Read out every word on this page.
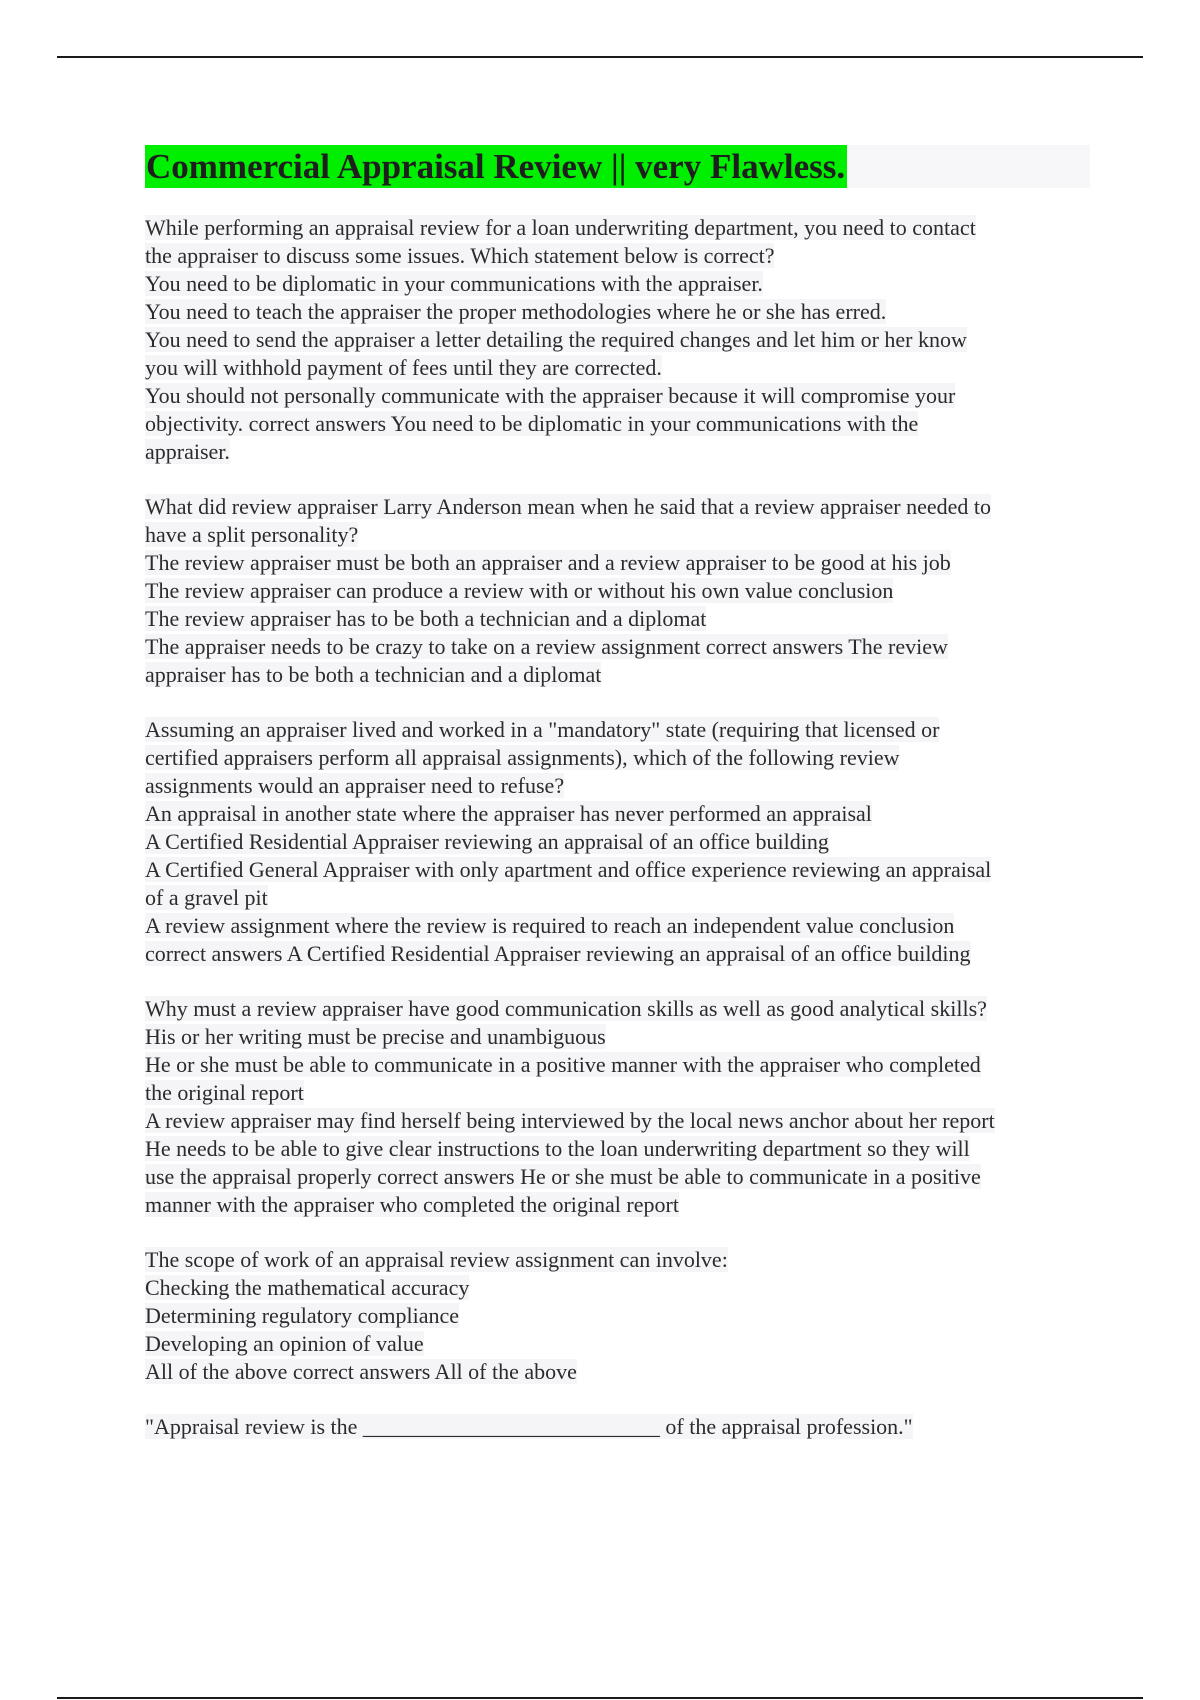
Commercial Appraisal Review || very Flawless.
While performing an appraisal review for a loan underwriting department, you need to contact
the appraiser to discuss some issues. Which statement below is correct?
You need to be diplomatic in your communications with the appraiser.
You need to teach the appraiser the proper methodologies where he or she has erred.
You need to send the appraiser a letter detailing the required changes and let him or her know
you will withhold payment of fees until they are corrected.
You should not personally communicate with the appraiser because it will compromise your
objectivity. correct answers You need to be diplomatic in your communications with the
appraiser.
What did review appraiser Larry Anderson mean when he said that a review appraiser needed to
have a split personality?
The review appraiser must be both an appraiser and a review appraiser to be good at his job
The review appraiser can produce a review with or without his own value conclusion
The review appraiser has to be both a technician and a diplomat
The appraiser needs to be crazy to take on a review assignment correct answers The review
appraiser has to be both a technician and a diplomat
Assuming an appraiser lived and worked in a "mandatory" state (requiring that licensed or
certified appraisers perform all appraisal assignments), which of the following review
assignments would an appraiser need to refuse?
An appraisal in another state where the appraiser has never performed an appraisal
A Certified Residential Appraiser reviewing an appraisal of an office building
A Certified General Appraiser with only apartment and office experience reviewing an appraisal
of a gravel pit
A review assignment where the review is required to reach an independent value conclusion
correct answers A Certified Residential Appraiser reviewing an appraisal of an office building
Why must a review appraiser have good communication skills as well as good analytical skills?
His or her writing must be precise and unambiguous
He or she must be able to communicate in a positive manner with the appraiser who completed
the original report
A review appraiser may find herself being interviewed by the local news anchor about her report
He needs to be able to give clear instructions to the loan underwriting department so they will
use the appraisal properly correct answers He or she must be able to communicate in a positive
manner with the appraiser who completed the original report
The scope of work of an appraisal review assignment can involve:
Checking the mathematical accuracy
Determining regulatory compliance
Developing an opinion of value
All of the above correct answers All of the above
"Appraisal review is the ___________________________ of the appraisal profession."
